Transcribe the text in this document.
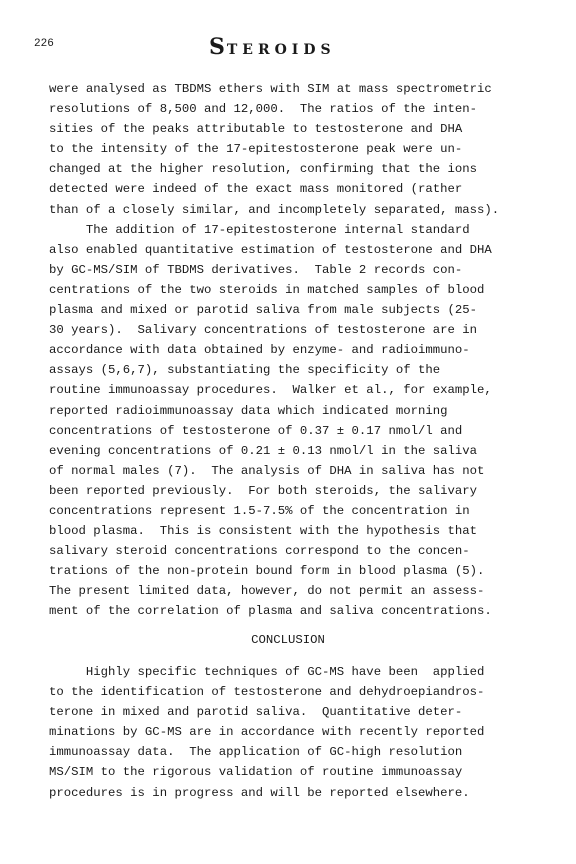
226	STEROIDS
were analysed as TBDMS ethers with SIM at mass spectrometric
resolutions of 8,500 and 12,000.  The ratios of the inten-
sities of the peaks attributable to testosterone and DHA
to the intensity of the 17-epitestosterone peak were un-
changed at the higher resolution, confirming that the ions
detected were indeed of the exact mass monitored (rather
than of a closely similar, and incompletely separated, mass).
The addition of 17-epitestosterone internal standard
also enabled quantitative estimation of testosterone and DHA
by GC-MS/SIM of TBDMS derivatives.  Table 2 records con-
centrations of the two steroids in matched samples of blood
plasma and mixed or parotid saliva from male subjects (25-
30 years).  Salivary concentrations of testosterone are in
accordance with data obtained by enzyme- and radioimmuno-
assays (5,6,7), substantiating the specificity of the
routine immunoassay procedures.  Walker et al., for example,
reported radioimmunoassay data which indicated morning
concentrations of testosterone of 0.37 ± 0.17 nmol/l and
evening concentrations of 0.21 ± 0.13 nmol/l in the saliva
of normal males (7).  The analysis of DHA in saliva has not
been reported previously.  For both steroids, the salivary
concentrations represent 1.5-7.5% of the concentration in
blood plasma.  This is consistent with the hypothesis that
salivary steroid concentrations correspond to the concen-
trations of the non-protein bound form in blood plasma (5).
The present limited data, however, do not permit an assess-
ment of the correlation of plasma and saliva concentrations.
CONCLUSION
Highly specific techniques of GC-MS have been  applied
to the identification of testosterone and dehydroepiandros-
terone in mixed and parotid saliva.  Quantitative deter-
minations by GC-MS are in accordance with recently reported
immunoassay data.  The application of GC-high resolution
MS/SIM to the rigorous validation of routine immunoassay
procedures is in progress and will be reported elsewhere.
